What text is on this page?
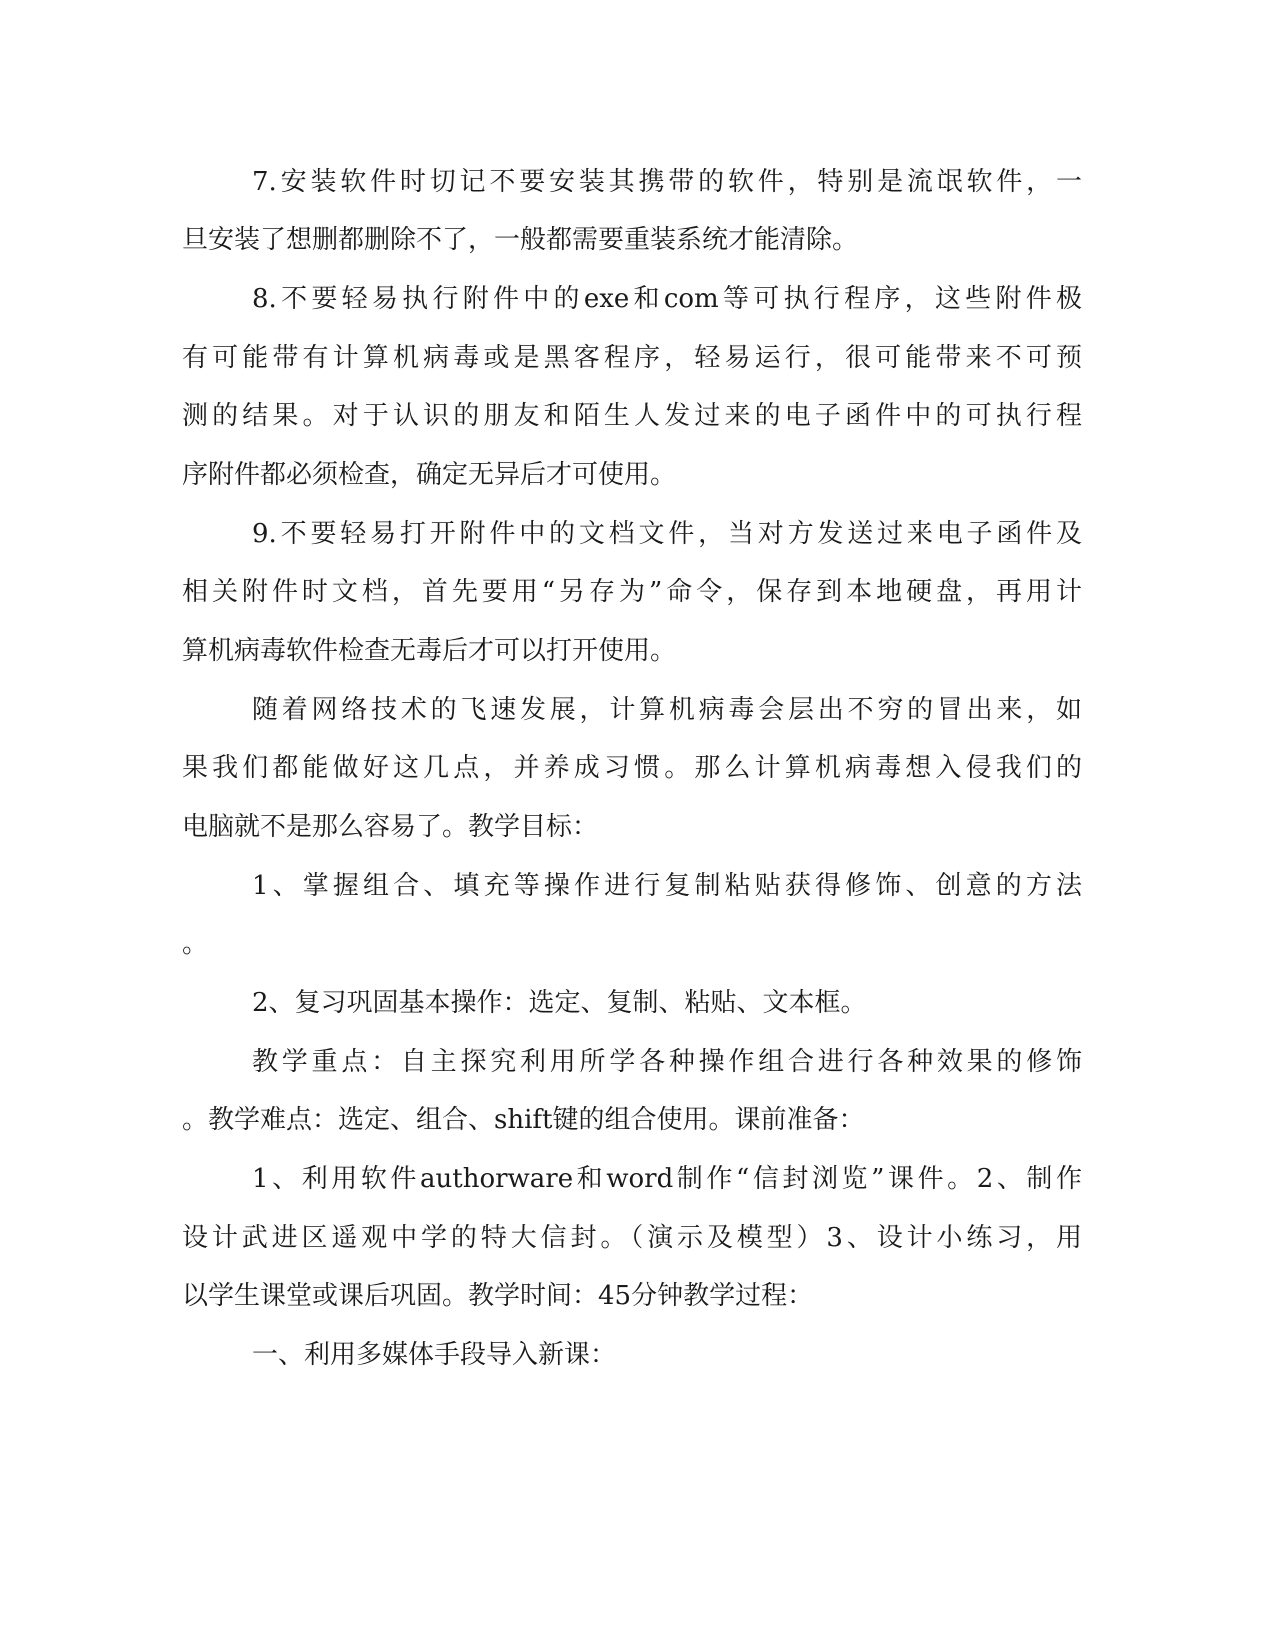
7.安装软件时切记不要安装其携带的软件，特别是流氓软件，一
旦安装了想删都删除不了，一般都需要重装系统才能清除。
8.不要轻易执行附件中的exe和com等可执行程序，这些附件极
有可能带有计算机病毒或是黑客程序，轻易运行，很可能带来不可预
测的结果。对于认识的朋友和陌生人发过来的电子函件中的可执行程
序附件都必须检查，确定无异后才可使用。
9.不要轻易打开附件中的文档文件，当对方发送过来电子函件及
相关附件时文档，首先要用“另存为”命令，保存到本地硬盘，再用计
算机病毒软件检查无毒后才可以打开使用。
随着网络技术的飞速发展，计算机病毒会层出不穷的冒出来，如
果我们都能做好这几点，并养成习惯。那么计算机病毒想入侵我们的
电脑就不是那么容易了。教学目标：
1、掌握组合、填充等操作进行复制粘贴获得修饰、创意的方法
。
2、复习巩固基本操作：选定、复制、粘贴、文本框。
教学重点：自主探究利用所学各种操作组合进行各种效果的修饰
。教学难点：选定、组合、shift键的组合使用。课前准备：
1、利用软件authorware和word制作“信封浏览”课件。2、制作
设计武进区遥观中学的特大信封。（演示及模型）3、设计小练习，用
以学生课堂或课后巩固。教学时间：45分钟教学过程：
一、利用多媒体手段导入新课：
